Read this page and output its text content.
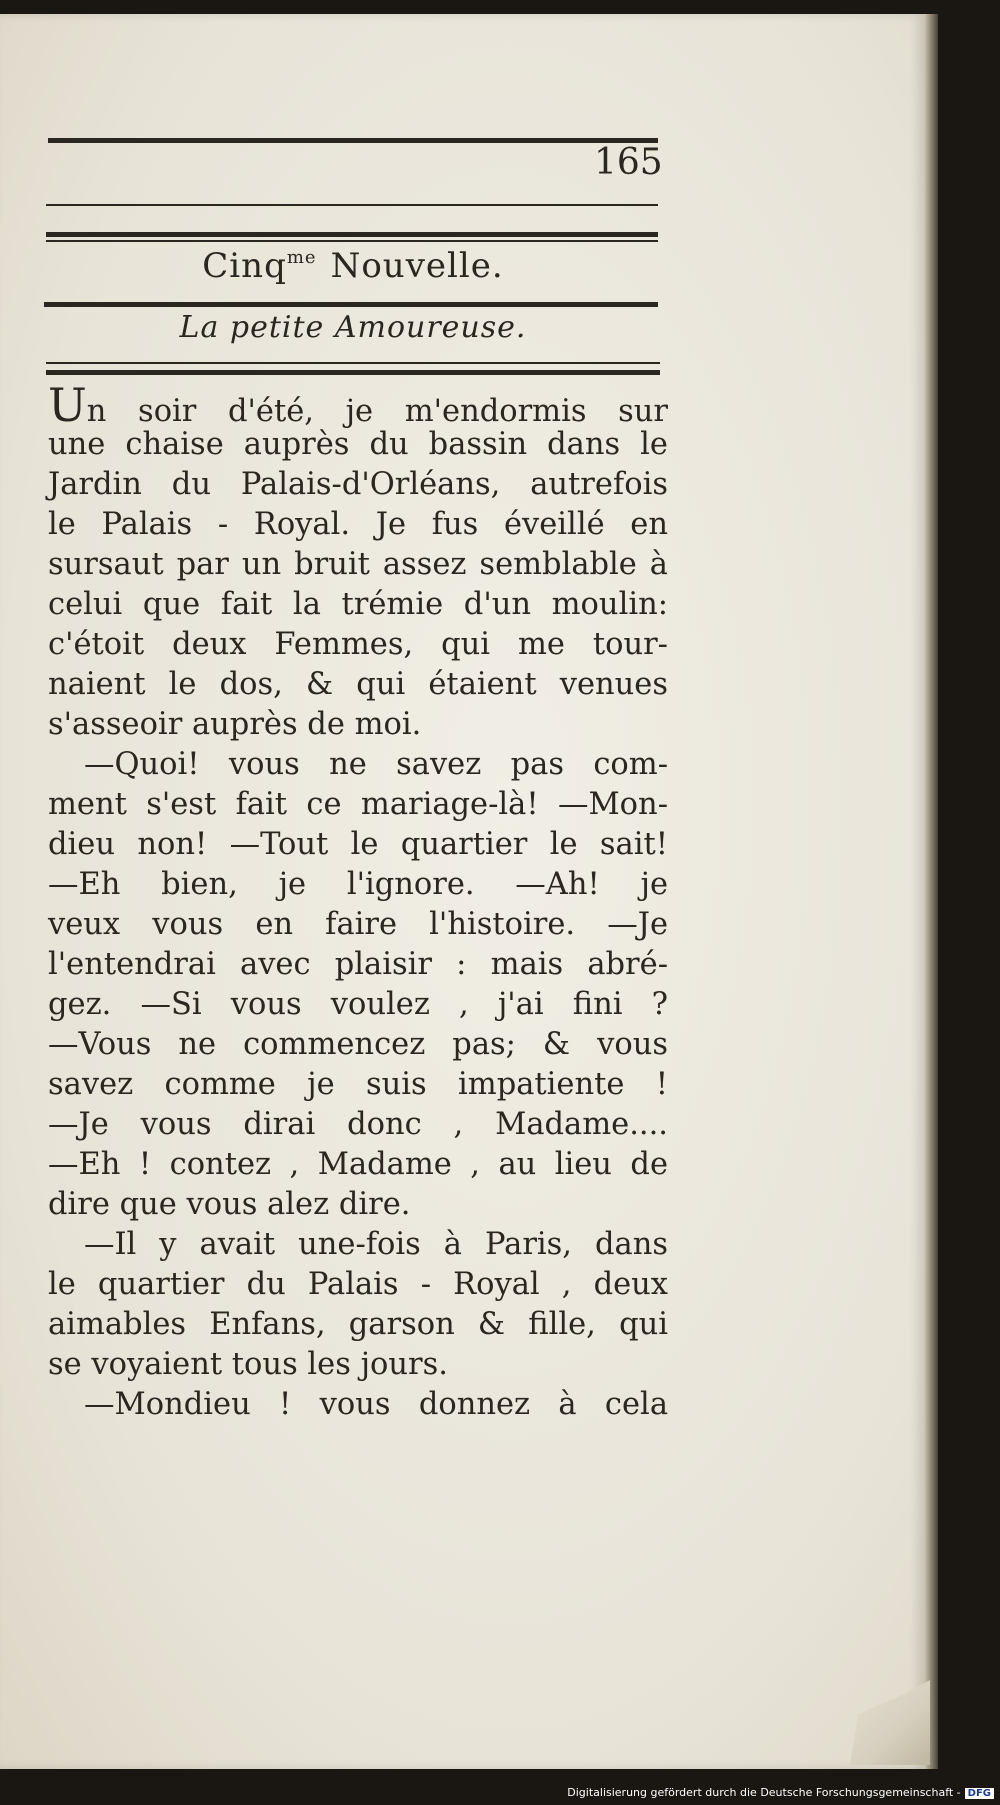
165
Cinq$^{me}$ Nouvelle.
La petite Amoureuse.
Un soir d'été, je m'endormis sur
une chaise auprès du bassin dans le
Jardin du Palais-d'Orléans, autrefois
le Palais - Royal. Je fus éveillé en
sursaut par un bruit assez semblable à
celui que fait la trémie d'un moulin:
c'étoit deux Femmes, qui me tour-
naient le dos, & qui étaient venues
s'asseoir auprès de moi.
—Quoi! vous ne savez pas com-
ment s'est fait ce mariage-là! —Mon-
dieu non! —Tout le quartier le sait!
—Eh bien, je l'ignore. —Ah! je
veux vous en faire l'histoire. —Je
l'entendrai avec plaisir : mais abré-
gez. —Si vous voulez , j'ai fini ?
—Vous ne commencez pas; & vous
savez comme je suis impatiente !
—Je vous dirai donc , Madame....
—Eh ! contez , Madame , au lieu de
dire que vous alez dire.
—Il y avait une-fois à Paris, dans
le quartier du Palais - Royal , deux
aimables Enfans, garson & fille, qui
se voyaient tous les jours.
—Mondieu ! vous donnez à cela
Digitalisierung gefördert durch die Deutsche Forschungsgemeinschaft - DFG
